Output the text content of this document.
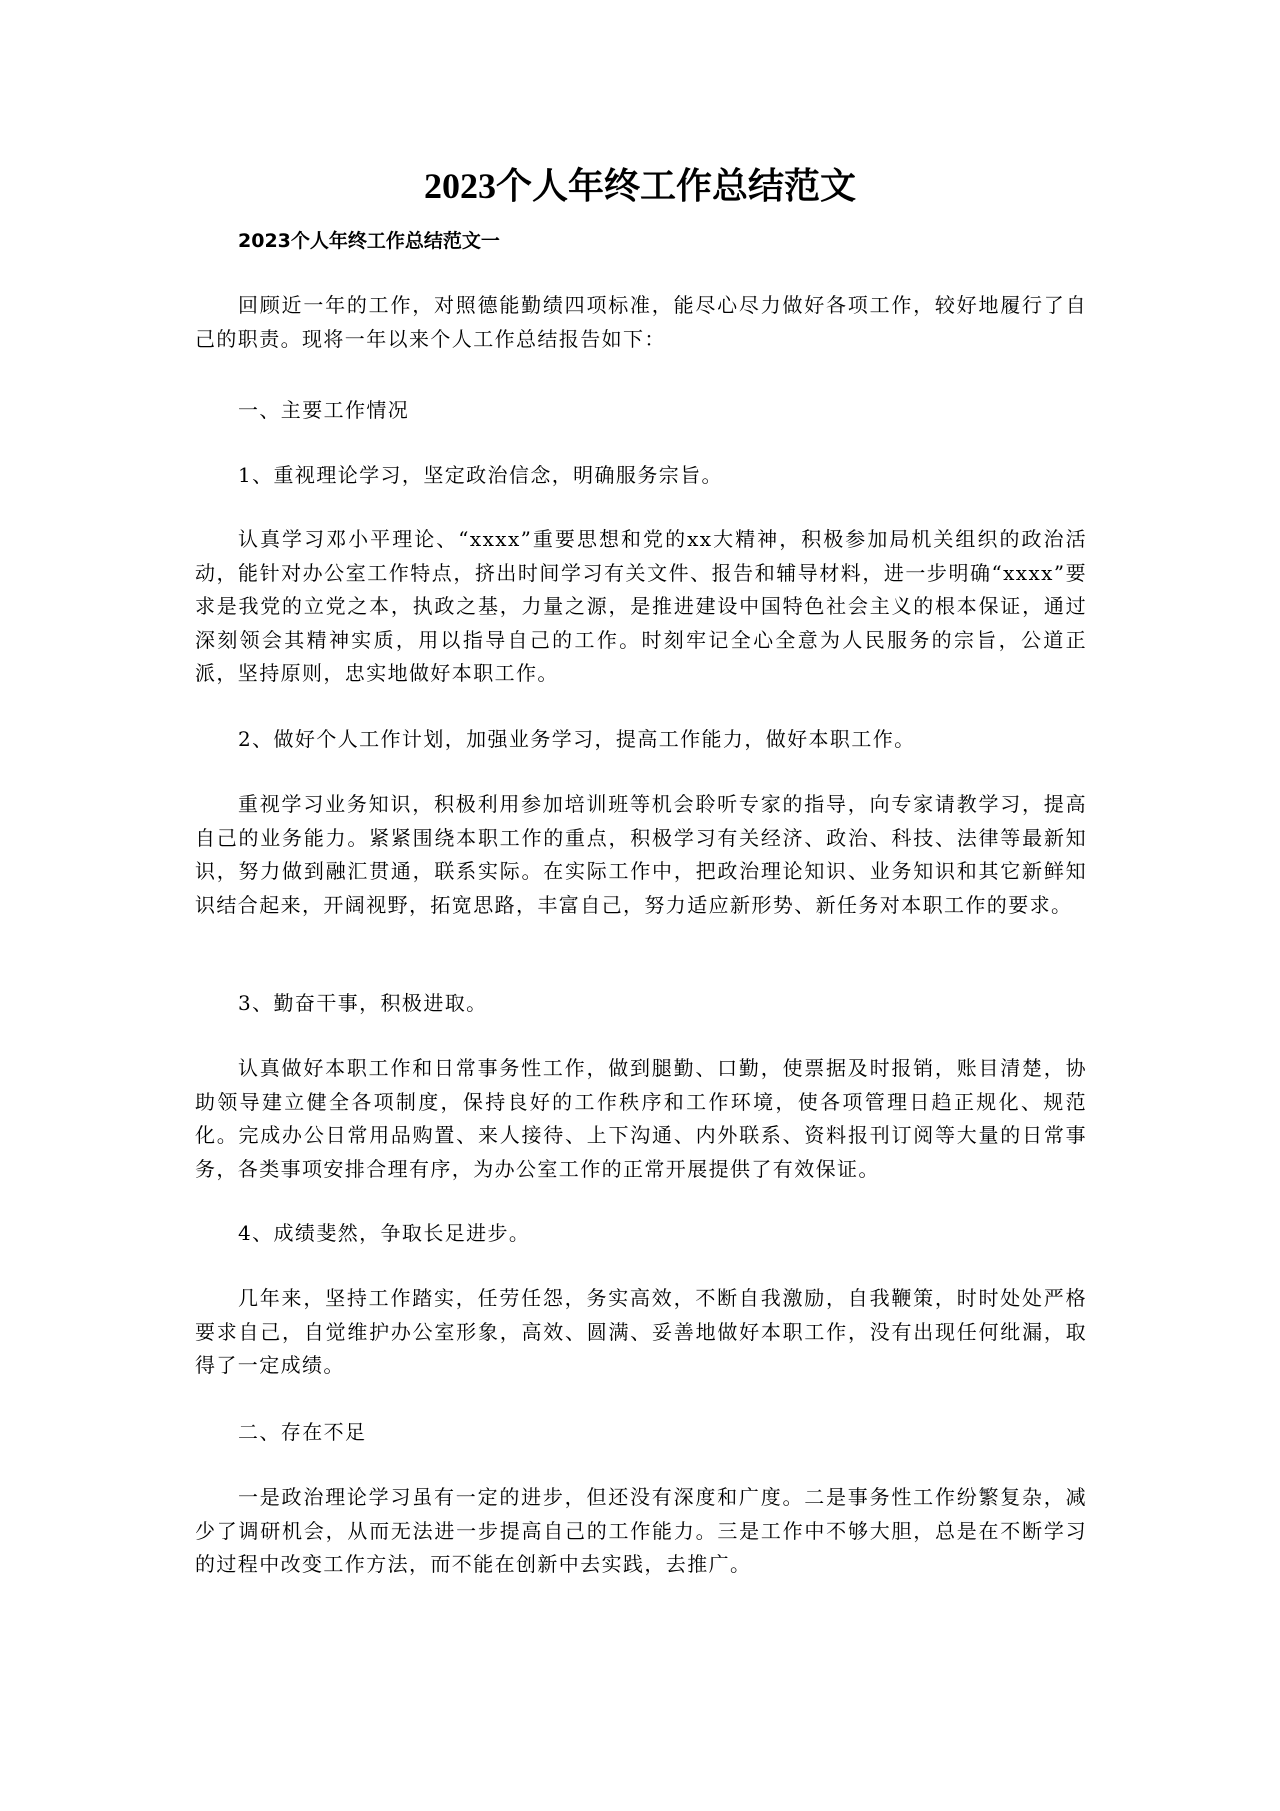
2023个人年终工作总结范文

2023个人年终工作总结范文一

回顾近一年的工作，对照德能勤绩四项标准，能尽心尽力做好各项工作，较好地履行了自己的职责。现将一年以来个人工作总结报告如下：

一、主要工作情况

1、重视理论学习，坚定政治信念，明确服务宗旨。

认真学习邓小平理论、“xxxx”重要思想和党的xx大精神，积极参加局机关组织的政治活动，能针对办公室工作特点，挤出时间学习有关文件、报告和辅导材料，进一步明确“xxxx”要求是我党的立党之本，执政之基，力量之源，是推进建设中国特色社会主义的根本保证，通过深刻领会其精神实质，用以指导自己的工作。时刻牢记全心全意为人民服务的宗旨，公道正派，坚持原则，忠实地做好本职工作。

2、做好个人工作计划，加强业务学习，提高工作能力，做好本职工作。

重视学习业务知识，积极利用参加培训班等机会聆听专家的指导，向专家请教学习，提高自己的业务能力。紧紧围绕本职工作的重点，积极学习有关经济、政治、科技、法律等最新知识，努力做到融汇贯通，联系实际。在实际工作中，把政治理论知识、业务知识和其它新鲜知识结合起来，开阔视野，拓宽思路，丰富自己，努力适应新形势、新任务对本职工作的要求。

3、勤奋干事，积极进取。

认真做好本职工作和日常事务性工作，做到腿勤、口勤，使票据及时报销，账目清楚，协助领导建立健全各项制度，保持良好的工作秩序和工作环境，使各项管理日趋正规化、规范化。完成办公日常用品购置、来人接待、上下沟通、内外联系、资料报刊订阅等大量的日常事务，各类事项安排合理有序，为办公室工作的正常开展提供了有效保证。

4、成绩斐然，争取长足进步。

几年来，坚持工作踏实，任劳任怨，务实高效，不断自我激励，自我鞭策，时时处处严格要求自己，自觉维护办公室形象，高效、圆满、妥善地做好本职工作，没有出现任何纰漏，取得了一定成绩。

二、存在不足

一是政治理论学习虽有一定的进步，但还没有深度和广度。二是事务性工作纷繁复杂，减少了调研机会，从而无法进一步提高自己的工作能力。三是工作中不够大胆，总是在不断学习的过程中改变工作方法，而不能在创新中去实践，去推广。
